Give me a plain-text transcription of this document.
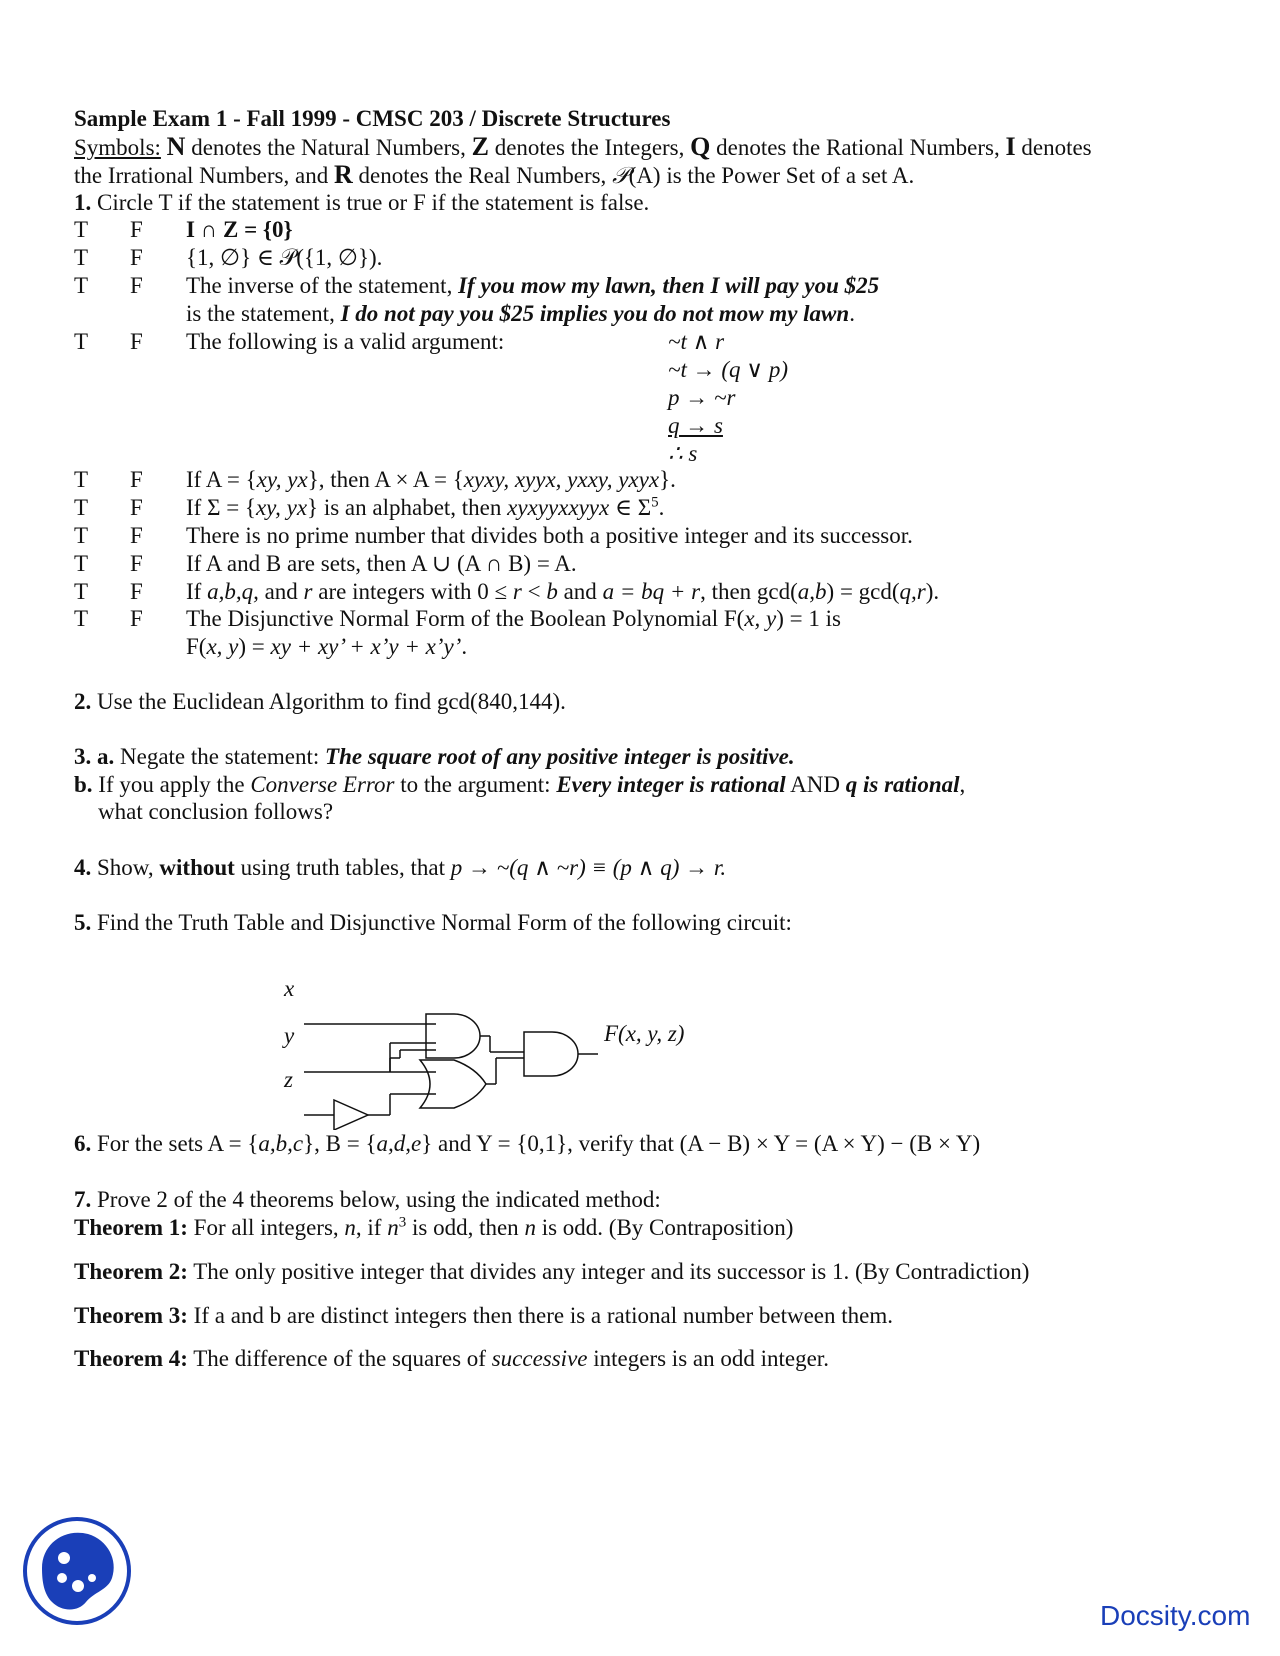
Sample Exam 1 - Fall 1999 - CMSC 203 / Discrete Structures
Symbols: N denotes the Natural Numbers, Z denotes the Integers, Q denotes the Rational Numbers, I denotes
the Irrational Numbers, and R denotes the Real Numbers, 𝒫(A) is the Power Set of a set A.
1. Circle T if the statement is true or F if the statement is false.
T F
T F
T F
T F
T F
T F
T F
T F
T F
T F
I ∩ Z = {0}
{1, ∅} ∈ 𝒫({1, ∅}).
The inverse of the statement, If you mow my lawn, then I will pay you $25
is the statement, I do not pay you $25 implies you do not mow my lawn.
The following is a valid argument:	~t ∧ r
~t → (q ∨ p)
p → ~r
q → s
∴ s
If A = {xy, yx}, then A × A = {xyxy, xyyx, yxxy, yxyx}.
If Σ = {xy, yx} is an alphabet, then xyxyyxxyyx ∈ $\Sigma^5$.
There is no prime number that divides both a positive integer and its successor.
If A and B are sets, then A ∪ (A ∩ B) = A.
If a,b,q, and r are integers with 0 ≤ r < b and a = bq + r, then gcd(a,b) = gcd(q,r).
The Disjunctive Normal Form of the Boolean Polynomial F(x, y) = 1 is
F(x, y) = xy + xy’ + x’y + x’y’.
2. Use the Euclidean Algorithm to find gcd(840,144).
3. a. Negate the statement: The square root of any positive integer is positive.
b. If you apply the Converse Error to the argument: Every integer is rational AND q is rational,
what conclusion follows?
4. Show, without using truth tables, that p → ~(q ∧ ~r) ≡ (p ∧ q) → r.
5. Find the Truth Table and Disjunctive Normal Form of the following circuit:
x
y
z
F(x, y, z)
6. For the sets A = {a,b,c}, B = {a,d,e} and Y = {0,1}, verify that (A − B) × Y = (A × Y) − (B × Y)
7. Prove 2 of the 4 theorems below, using the indicated method:
Theorem 1: For all integers, n, if $n^3$ is odd, then n is odd. (By Contraposition)
Theorem 2: The only positive integer that divides any integer and its successor is 1. (By Contradiction)
Theorem 3: If a and b are distinct integers then there is a rational number between them.
Theorem 4: The difference of the squares of successive integers is an odd integer.
Docsity.com
